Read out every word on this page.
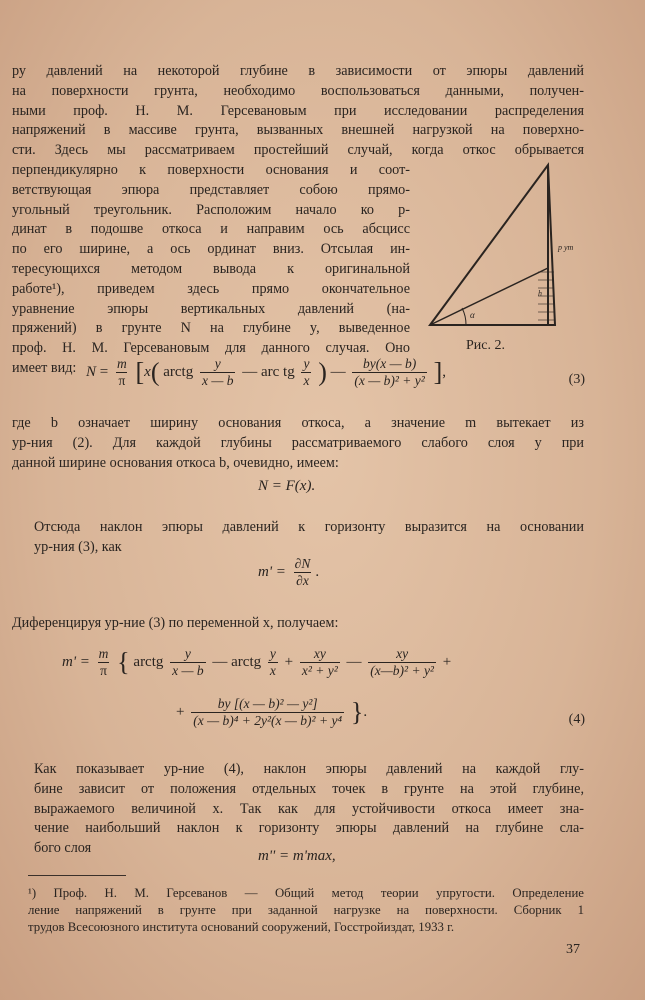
ру давлений на некоторой глубине в зависимости от эпюры давлений
на поверхности грунта, необходимо воспользоваться данными, получен-
ными проф. Н. М. Герсевановым при исследовании распределения
напряжений в массиве грунта, вызванных внешней нагрузкой на поверхно-
сти. Здесь мы рассматриваем простейший случай, когда откос обрывается
перпендикулярно к поверхности основания и соот-
ветствующая эпюра представляет собою прямо-
угольный треугольник. Расположим начало ко р-
динат в подошве откоса и направим ось абсцисс
по его ширине, а ось ординат вниз. Отсылая ин-
тересующихся методом вывода к оригинальной
работе¹), приведем здесь прямо окончательное
уравнение эпюры вертикальных давлений (на-
пряжений) в грунте N на глубине y, выведенное
проф. Н. М. Герсевановым для данного случая. Оно
имеет вид:
α
h
p ym
Рис. 2.
$N = \frac{m}{\pi} [x$( arctg $\frac{y}{x — b}$ — arc tg $\frac{y}{x}$ ) — $\frac{by(x — b)}{\text{(x — b)² + y²}}$ ],	(3)
где b означает ширину основания откоса, а значение m вытекает из
ур-ния (2). Для каждой глубины рассматриваемого слабого слоя y при
данной ширине основания откоса b, очевидно, имеем:
N = F(x).
Отсюда наклон эпюры давлений к горизонту выразится на основании
ур-ния (3), как
$m' = \frac{\partial N}{\partial x}$ .
Диференцируя ур-ние (3) по переменной x, получаем:
$m' = \frac{m}{\pi}$ { arctg $\frac{y}{x — b}$ — arctg $\frac{y}{x} + \frac{xy}{\text{x² + y²}}$ — $\frac{xy}{\text{(x—b)² + y²}}$ +
+ $\frac{\text{by [(x — b)² — y²]}}{\text{(x — b)⁴ + 2y²(x — b)² + y⁴}}$ }.	(4)
Как показывает ур-ние (4), наклон эпюры давлений на каждой глу-
бине зависит от положения отдельных точек в грунте на этой глубине,
выражаемого величиной x. Так как для устойчивости откоса имеет зна-
чение наибольший наклон к горизонту эпюры давлений на глубине сла-
бого слоя	m'' = m'max,
¹) Проф. Н. М. Герсеванов — Общий метод теории упругости. Определение
ление напряжений в грунте при заданной нагрузке на поверхности. Сборник 1
трудов Всесоюзного института оснований сооружений, Госстройиздат, 1933 г.
37
